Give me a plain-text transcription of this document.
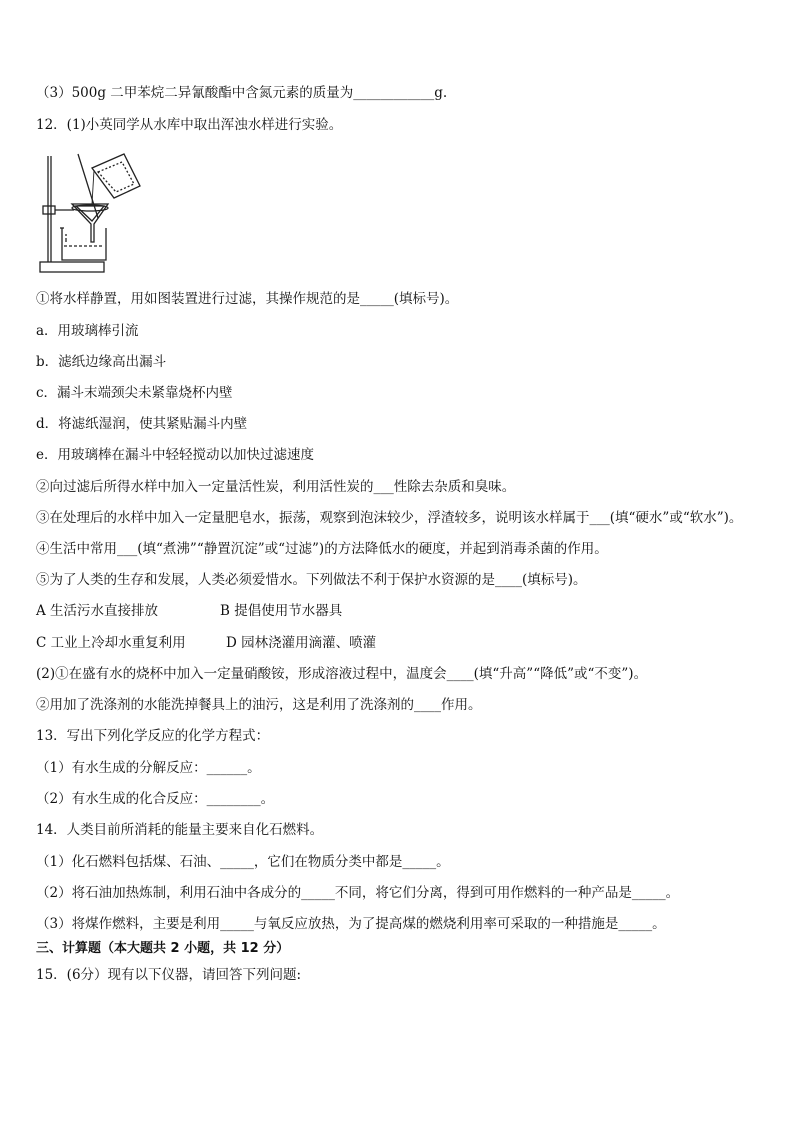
（3）500g 二甲苯烷二异氰酸酯中含氮元素的质量为____________g.
12．(1)小英同学从水库中取出浑浊水样进行实验。
①将水样静置，用如图装置进行过滤，其操作规范的是_____(填标号)。
a．用玻璃棒引流
b．滤纸边缘高出漏斗
c．漏斗末端颈尖未紧靠烧杯内壁
d．将滤纸湿润，使其紧贴漏斗内壁
e．用玻璃棒在漏斗中轻轻搅动以加快过滤速度
②向过滤后所得水样中加入一定量活性炭，利用活性炭的___性除去杂质和臭味。
③在处理后的水样中加入一定量肥皂水，振荡，观察到泡沫较少，浮渣较多，说明该水样属于___(填“硬水”或“软水”)。
④生活中常用___(填“煮沸”“静置沉淀”或“过滤”)的方法降低水的硬度，并起到消毒杀菌的作用。
⑤为了人类的生存和发展，人类必须爱惜水。下列做法不利于保护水资源的是____(填标号)。
A 生活污水直接排放	B 提倡使用节水器具
C 工业上冷却水重复利用	D 园林浇灌用滴灌、喷灌
(2)①在盛有水的烧杯中加入一定量硝酸铵，形成溶液过程中，温度会____(填“升高”“降低”或“不变”)。
②用加了洗涤剂的水能洗掉餐具上的油污，这是利用了洗涤剂的____作用。
13．写出下列化学反应的化学方程式：
（1）有水生成的分解反应：______。
（2）有水生成的化合反应：________。
14．人类目前所消耗的能量主要来自化石燃料。
（1）化石燃料包括煤、石油、_____，它们在物质分类中都是_____。
（2）将石油加热炼制，利用石油中各成分的_____不同，将它们分离，得到可用作燃料的一种产品是_____。
（3）将煤作燃料，主要是利用_____与氧反应放热，为了提高煤的燃烧利用率可采取的一种措施是_____。
三、计算题（本大题共 2 小题，共 12 分）
15．(6分）现有以下仪器，请回答下列问题:
